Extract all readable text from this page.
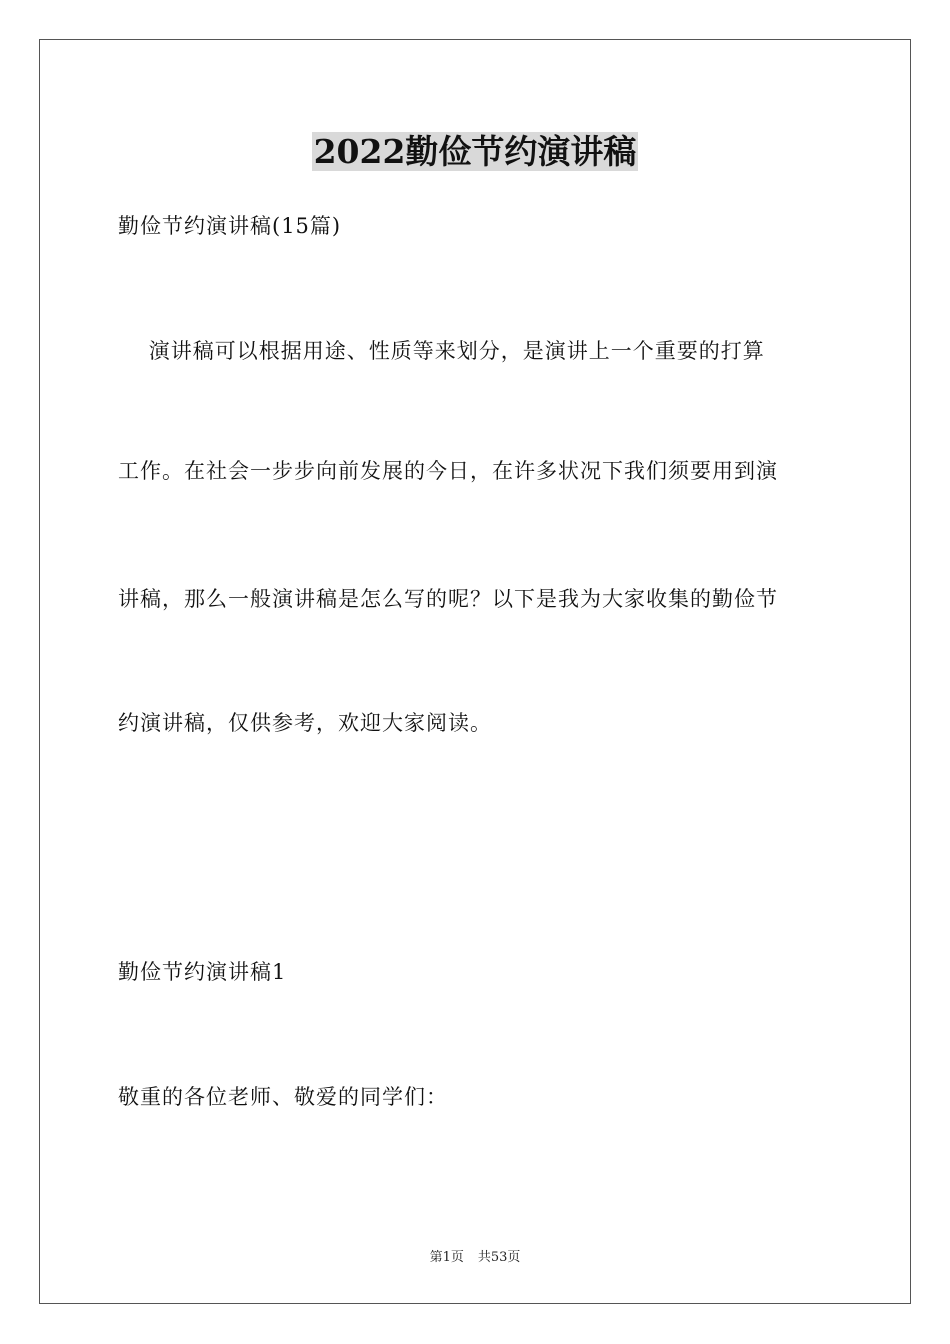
2022勤俭节约演讲稿
勤俭节约演讲稿(15篇)
演讲稿可以根据用途、性质等来划分，是演讲上一个重要的打算
工作。在社会一步步向前发展的今日，在许多状况下我们须要用到演
讲稿，那么一般演讲稿是怎么写的呢？以下是我为大家收集的勤俭节
约演讲稿，仅供参考，欢迎大家阅读。
勤俭节约演讲稿1
敬重的各位老师、敬爱的同学们：
第1页 共53页
